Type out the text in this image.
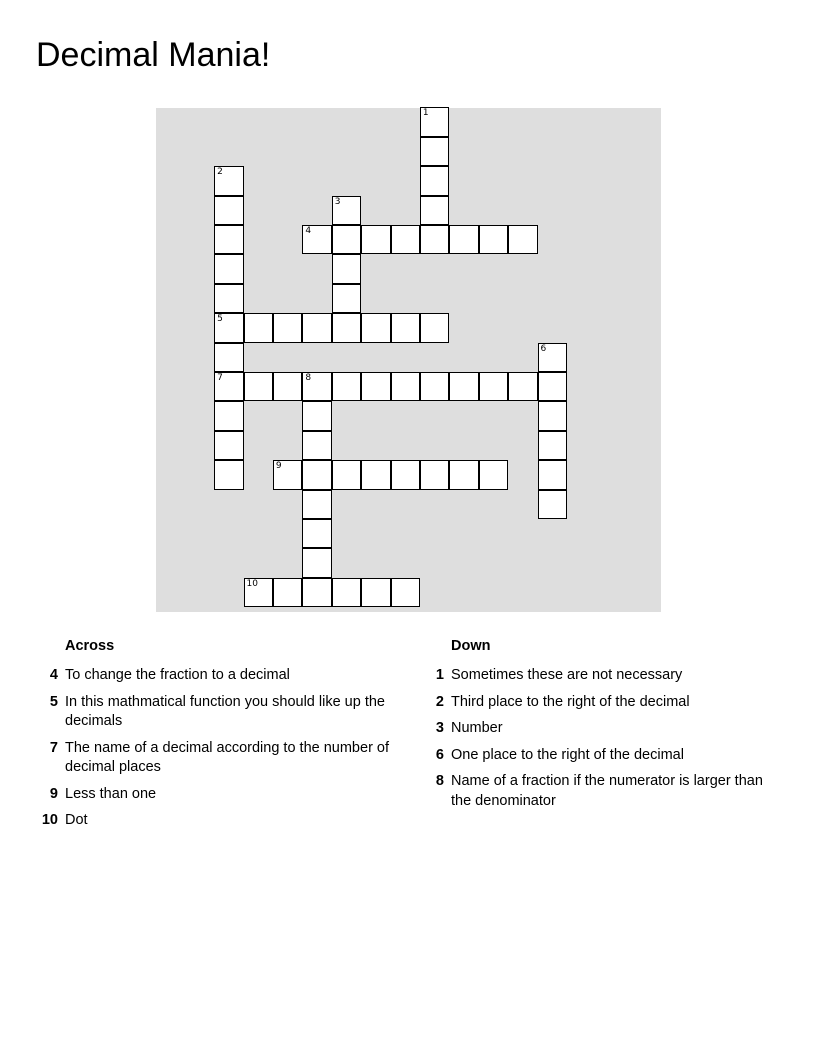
Decimal Mania!
1
2
5
7
3
4
6
8
9
10
Across
4 To change the fraction to a decimal
5 In this mathmatical function you should like up the decimals
7 The name of a decimal according to the number of decimal places
9 Less than one
10 Dot
Down
1 Sometimes these are not necessary
2 Third place to the right of the decimal
3 Number
6 One place to the right of the decimal
8 Name of a fraction if the numerator is larger than the denominator
